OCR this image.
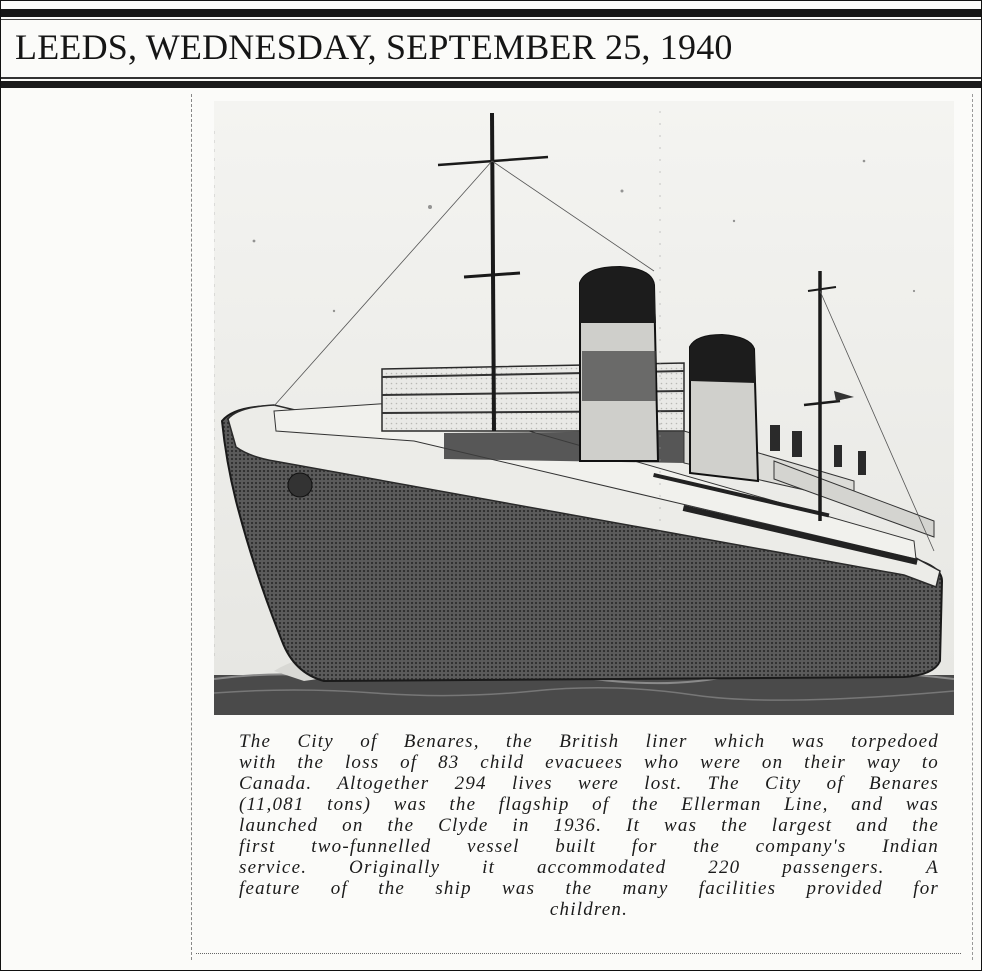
LEEDS, WEDNESDAY, SEPTEMBER 25, 1940
The City of Benares, the British liner which was torpedoed
with the loss of 83 child evacuees who were on their way to
Canada. Altogether 294 lives were lost. The City of Benares
(11,081 tons) was the flagship of the Ellerman Line, and was
launched on the Clyde in 1936. It was the largest and the
first two-funnelled vessel built for the company's Indian
service. Originally it accommodated 220 passengers. A
feature of the ship was the many facilities provided for
children.
